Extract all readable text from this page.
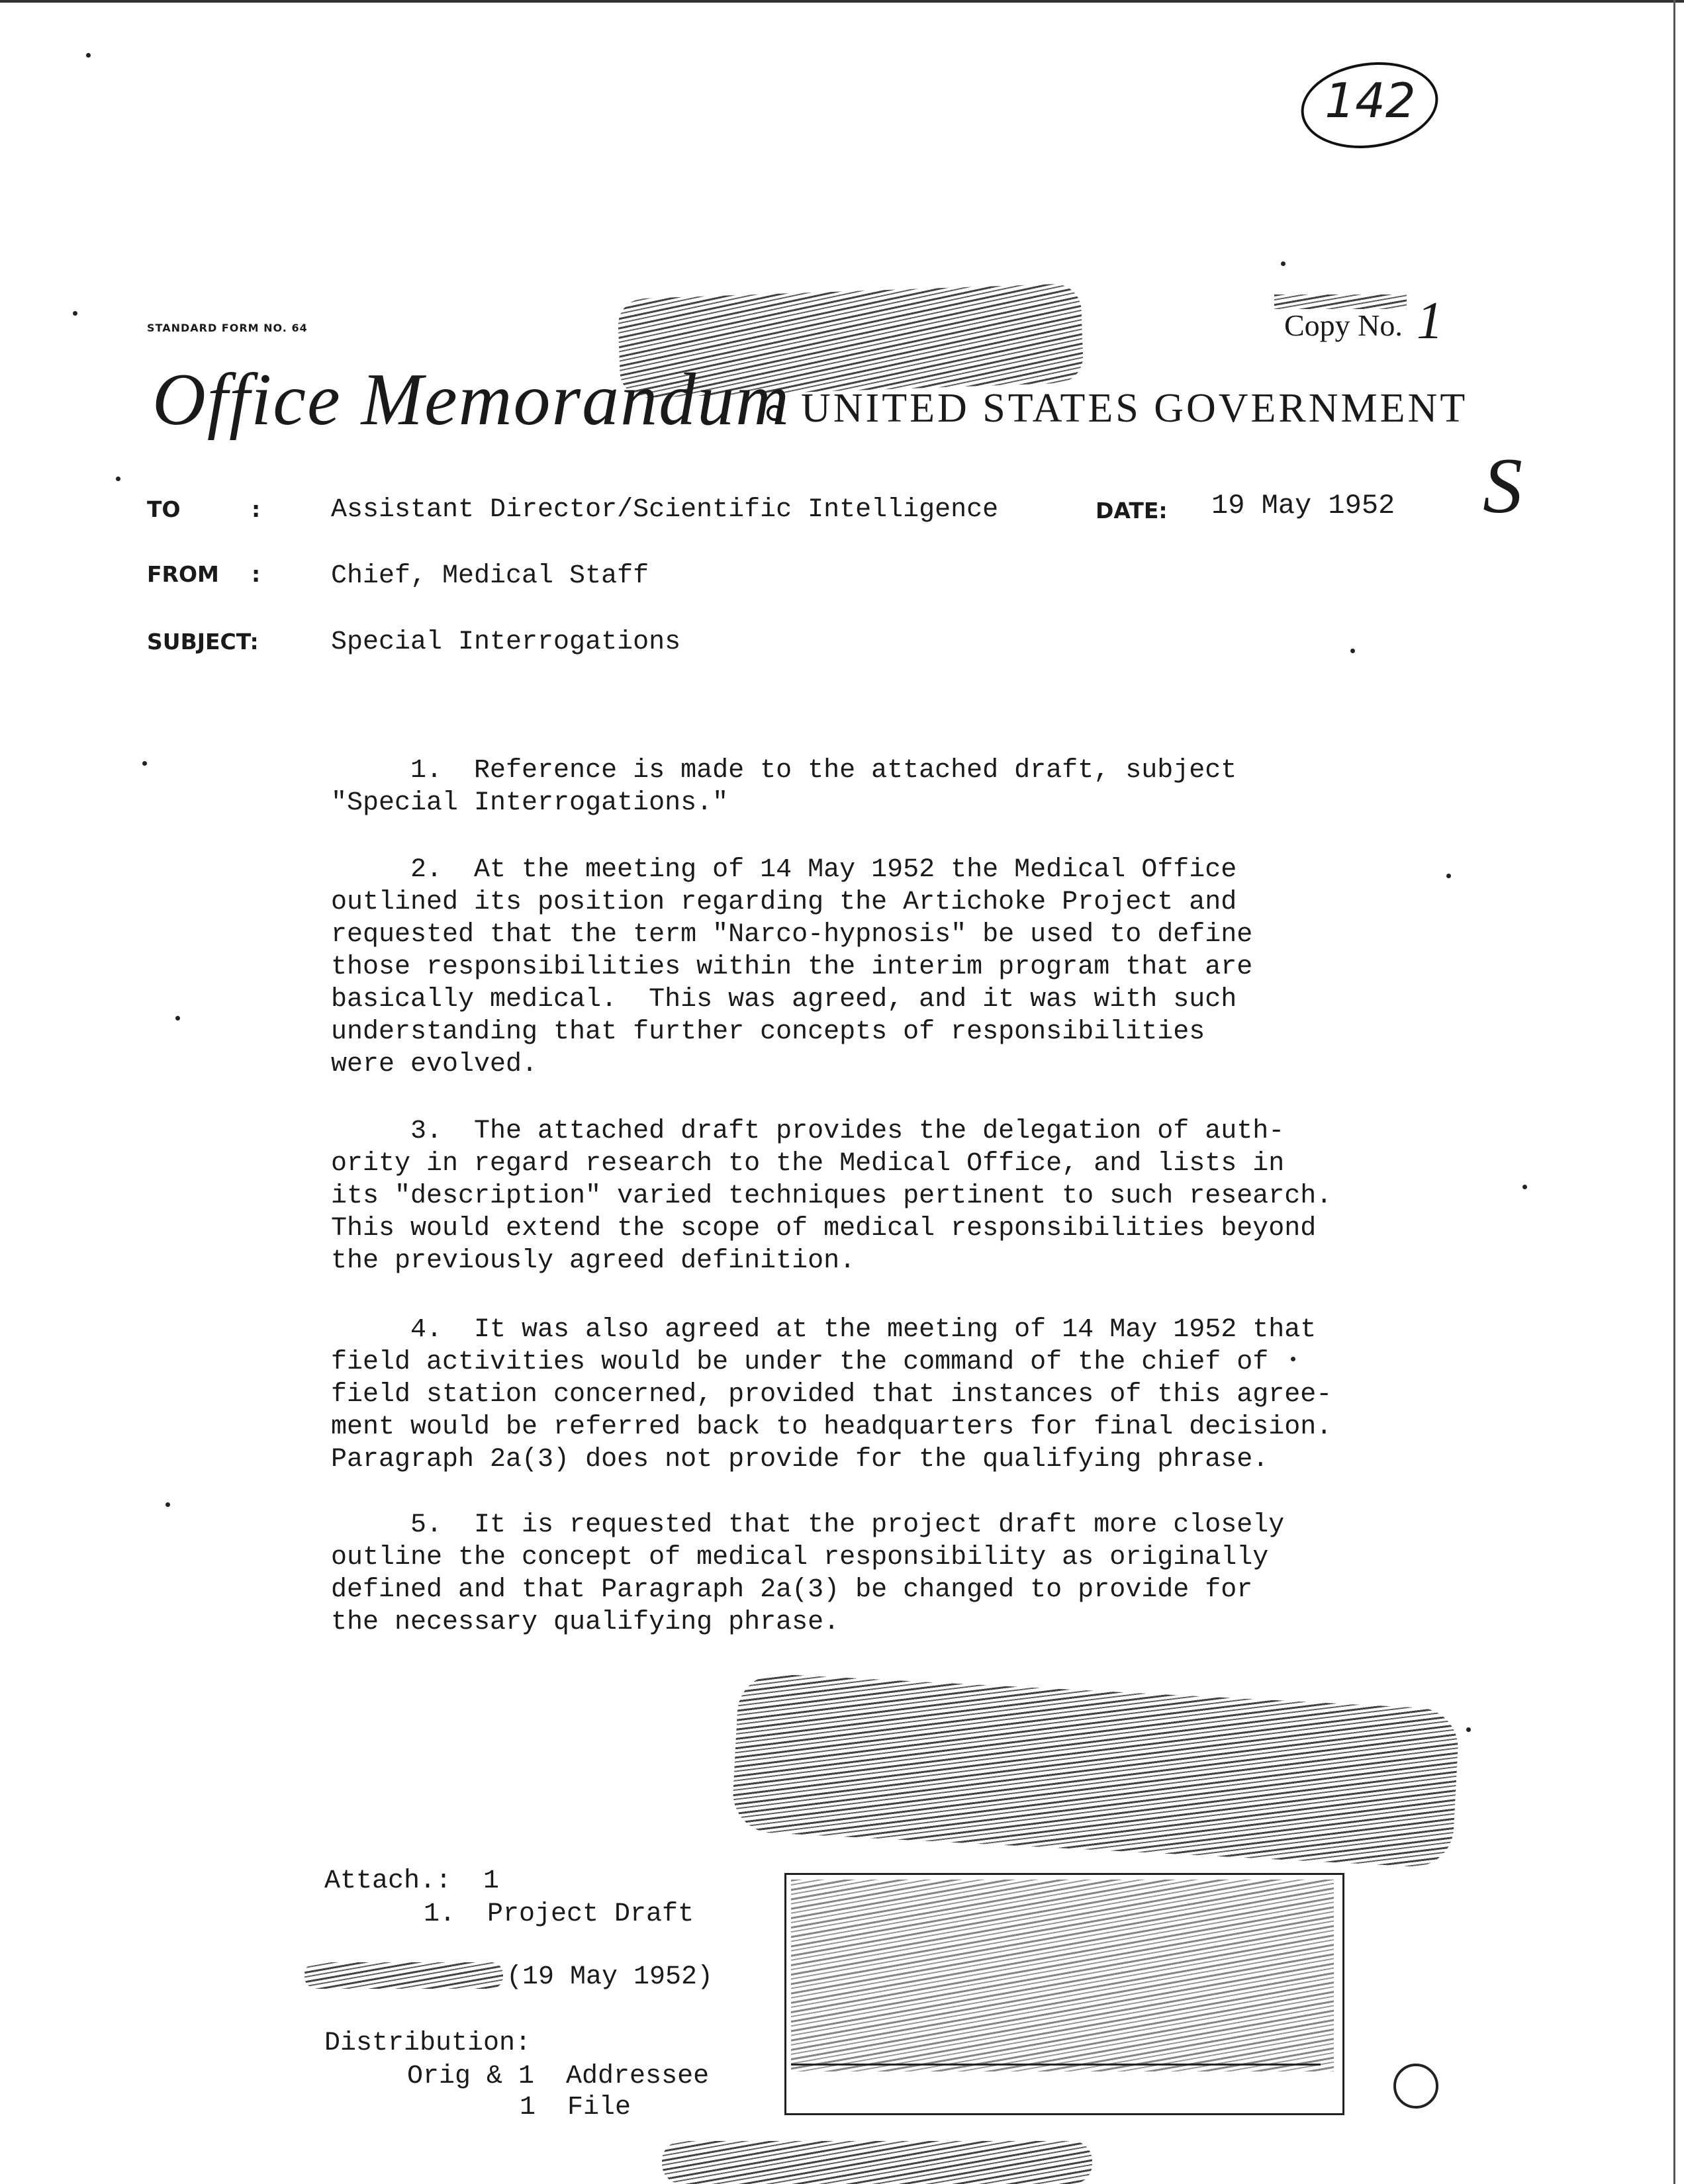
142
STANDARD FORM NO. 64	Copy No. 1
Office Memorandum UNITED STATES GOVERNMENT
S
TO	:	Assistant Director/Scientific Intelligence	DATE: 19 May 1952
FROM :	Chief, Medical Staff
SUBJECT:	Special Interrogations
1.  Reference is made to the attached draft, subject
"Special Interrogations."
2.  At the meeting of 14 May 1952 the Medical Office
outlined its position regarding the Artichoke Project and
requested that the term "Narco-hypnosis" be used to define
those responsibilities within the interim program that are
basically medical.  This was agreed, and it was with such
understanding that further concepts of responsibilities
were evolved.
3.  The attached draft provides the delegation of auth-
ority in regard research to the Medical Office, and lists in
its "description" varied techniques pertinent to such research.
This would extend the scope of medical responsibilities beyond
the previously agreed definition.
4.  It was also agreed at the meeting of 14 May 1952 that
field activities would be under the command of the chief of
field station concerned, provided that instances of this agree-
ment would be referred back to headquarters for final decision.
Paragraph 2a(3) does not provide for the qualifying phrase.
5.  It is requested that the project draft more closely
outline the concept of medical responsibility as originally
defined and that Paragraph 2a(3) be changed to provide for
the necessary qualifying phrase.
Attach.:  1
1.  Project Draft
(19 May 1952)
Distribution:
Orig & 1  Addressee
1  File
